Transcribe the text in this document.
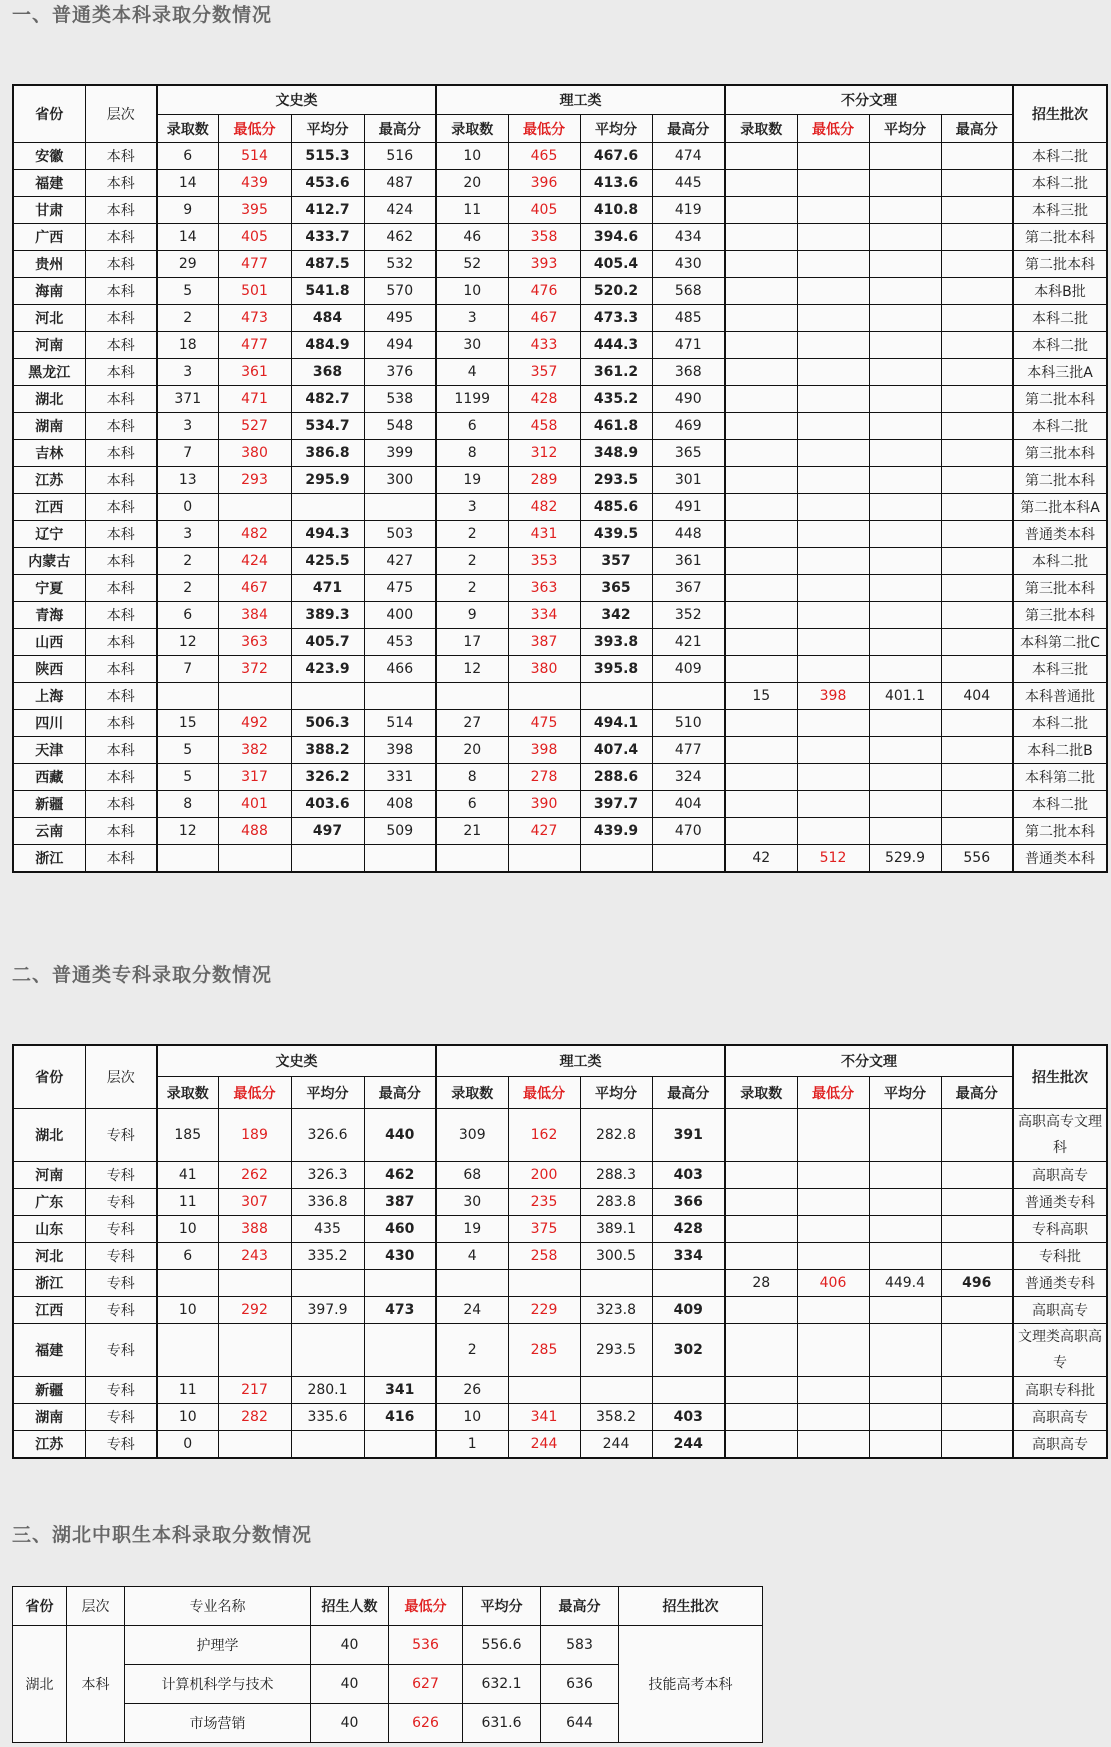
一、普通类本科录取分数情况
省份	层次	文史类				理工类				不分文理				招生批次
		录取数	最低分	平均分	最高分	录取数	最低分	平均分	最高分	录取数	最低分	平均分	最高分	
安徽	本科	6	514	515.3	516	10	465	467.6	474					本科二批
福建	本科	14	439	453.6	487	20	396	413.6	445					本科二批
甘肃	本科	9	395	412.7	424	11	405	410.8	419					本科三批
广西	本科	14	405	433.7	462	46	358	394.6	434					第二批本科
贵州	本科	29	477	487.5	532	52	393	405.4	430					第二批本科
海南	本科	5	501	541.8	570	10	476	520.2	568					本科B批
河北	本科	2	473	484	495	3	467	473.3	485					本科二批
河南	本科	18	477	484.9	494	30	433	444.3	471					本科二批
黑龙江	本科	3	361	368	376	4	357	361.2	368					本科三批A
湖北	本科	371	471	482.7	538	1199	428	435.2	490					第二批本科
湖南	本科	3	527	534.7	548	6	458	461.8	469					本科二批
吉林	本科	7	380	386.8	399	8	312	348.9	365					第三批本科
江苏	本科	13	293	295.9	300	19	289	293.5	301					第二批本科
江西	本科	0				3	482	485.6	491					第二批本科A
辽宁	本科	3	482	494.3	503	2	431	439.5	448					普通类本科
内蒙古	本科	2	424	425.5	427	2	353	357	361					本科二批
宁夏	本科	2	467	471	475	2	363	365	367					第三批本科
青海	本科	6	384	389.3	400	9	334	342	352					第三批本科
山西	本科	12	363	405.7	453	17	387	393.8	421					本科第二批C
陕西	本科	7	372	423.9	466	12	380	395.8	409					本科三批
上海	本科									15	398	401.1	404	本科普通批
四川	本科	15	492	506.3	514	27	475	494.1	510					本科二批
天津	本科	5	382	388.2	398	20	398	407.4	477					本科二批B
西藏	本科	5	317	326.2	331	8	278	288.6	324					本科第二批
新疆	本科	8	401	403.6	408	6	390	397.7	404					本科二批
云南	本科	12	488	497	509	21	427	439.9	470					第二批本科
浙江	本科									42	512	529.9	556	普通类本科
二、普通类专科录取分数情况
省份	层次	文史类				理工类				不分文理				招生批次
		录取数	最低分	平均分	最高分	录取数	最低分	平均分	最高分	录取数	最低分	平均分	最高分	
湖北	专科	185	189	326.6	440	309	162	282.8	391					高职高专文理科
河南	专科	41	262	326.3	462	68	200	288.3	403					高职高专
广东	专科	11	307	336.8	387	30	235	283.8	366					普通类专科
山东	专科	10	388	435	460	19	375	389.1	428					专科高职
河北	专科	6	243	335.2	430	4	258	300.5	334					专科批
浙江	专科									28	406	449.4	496	普通类专科
江西	专科	10	292	397.9	473	24	229	323.8	409					高职高专
福建	专科					2	285	293.5	302					文理类高职高专
新疆	专科	11	217	280.1	341	26								高职专科批
湖南	专科	10	282	335.6	416	10	341	358.2	403					高职高专
江苏	专科	0				1	244	244	244					高职高专
三、湖北中职生本科录取分数情况
省份	层次	专业名称	招生人数	最低分	平均分	最高分	招生批次
湖北	本科	护理学	40	536	556.6	583	技能高考本科
		计算机科学与技术	40	627	632.1	636	
		市场营销	40	626	631.6	644	
